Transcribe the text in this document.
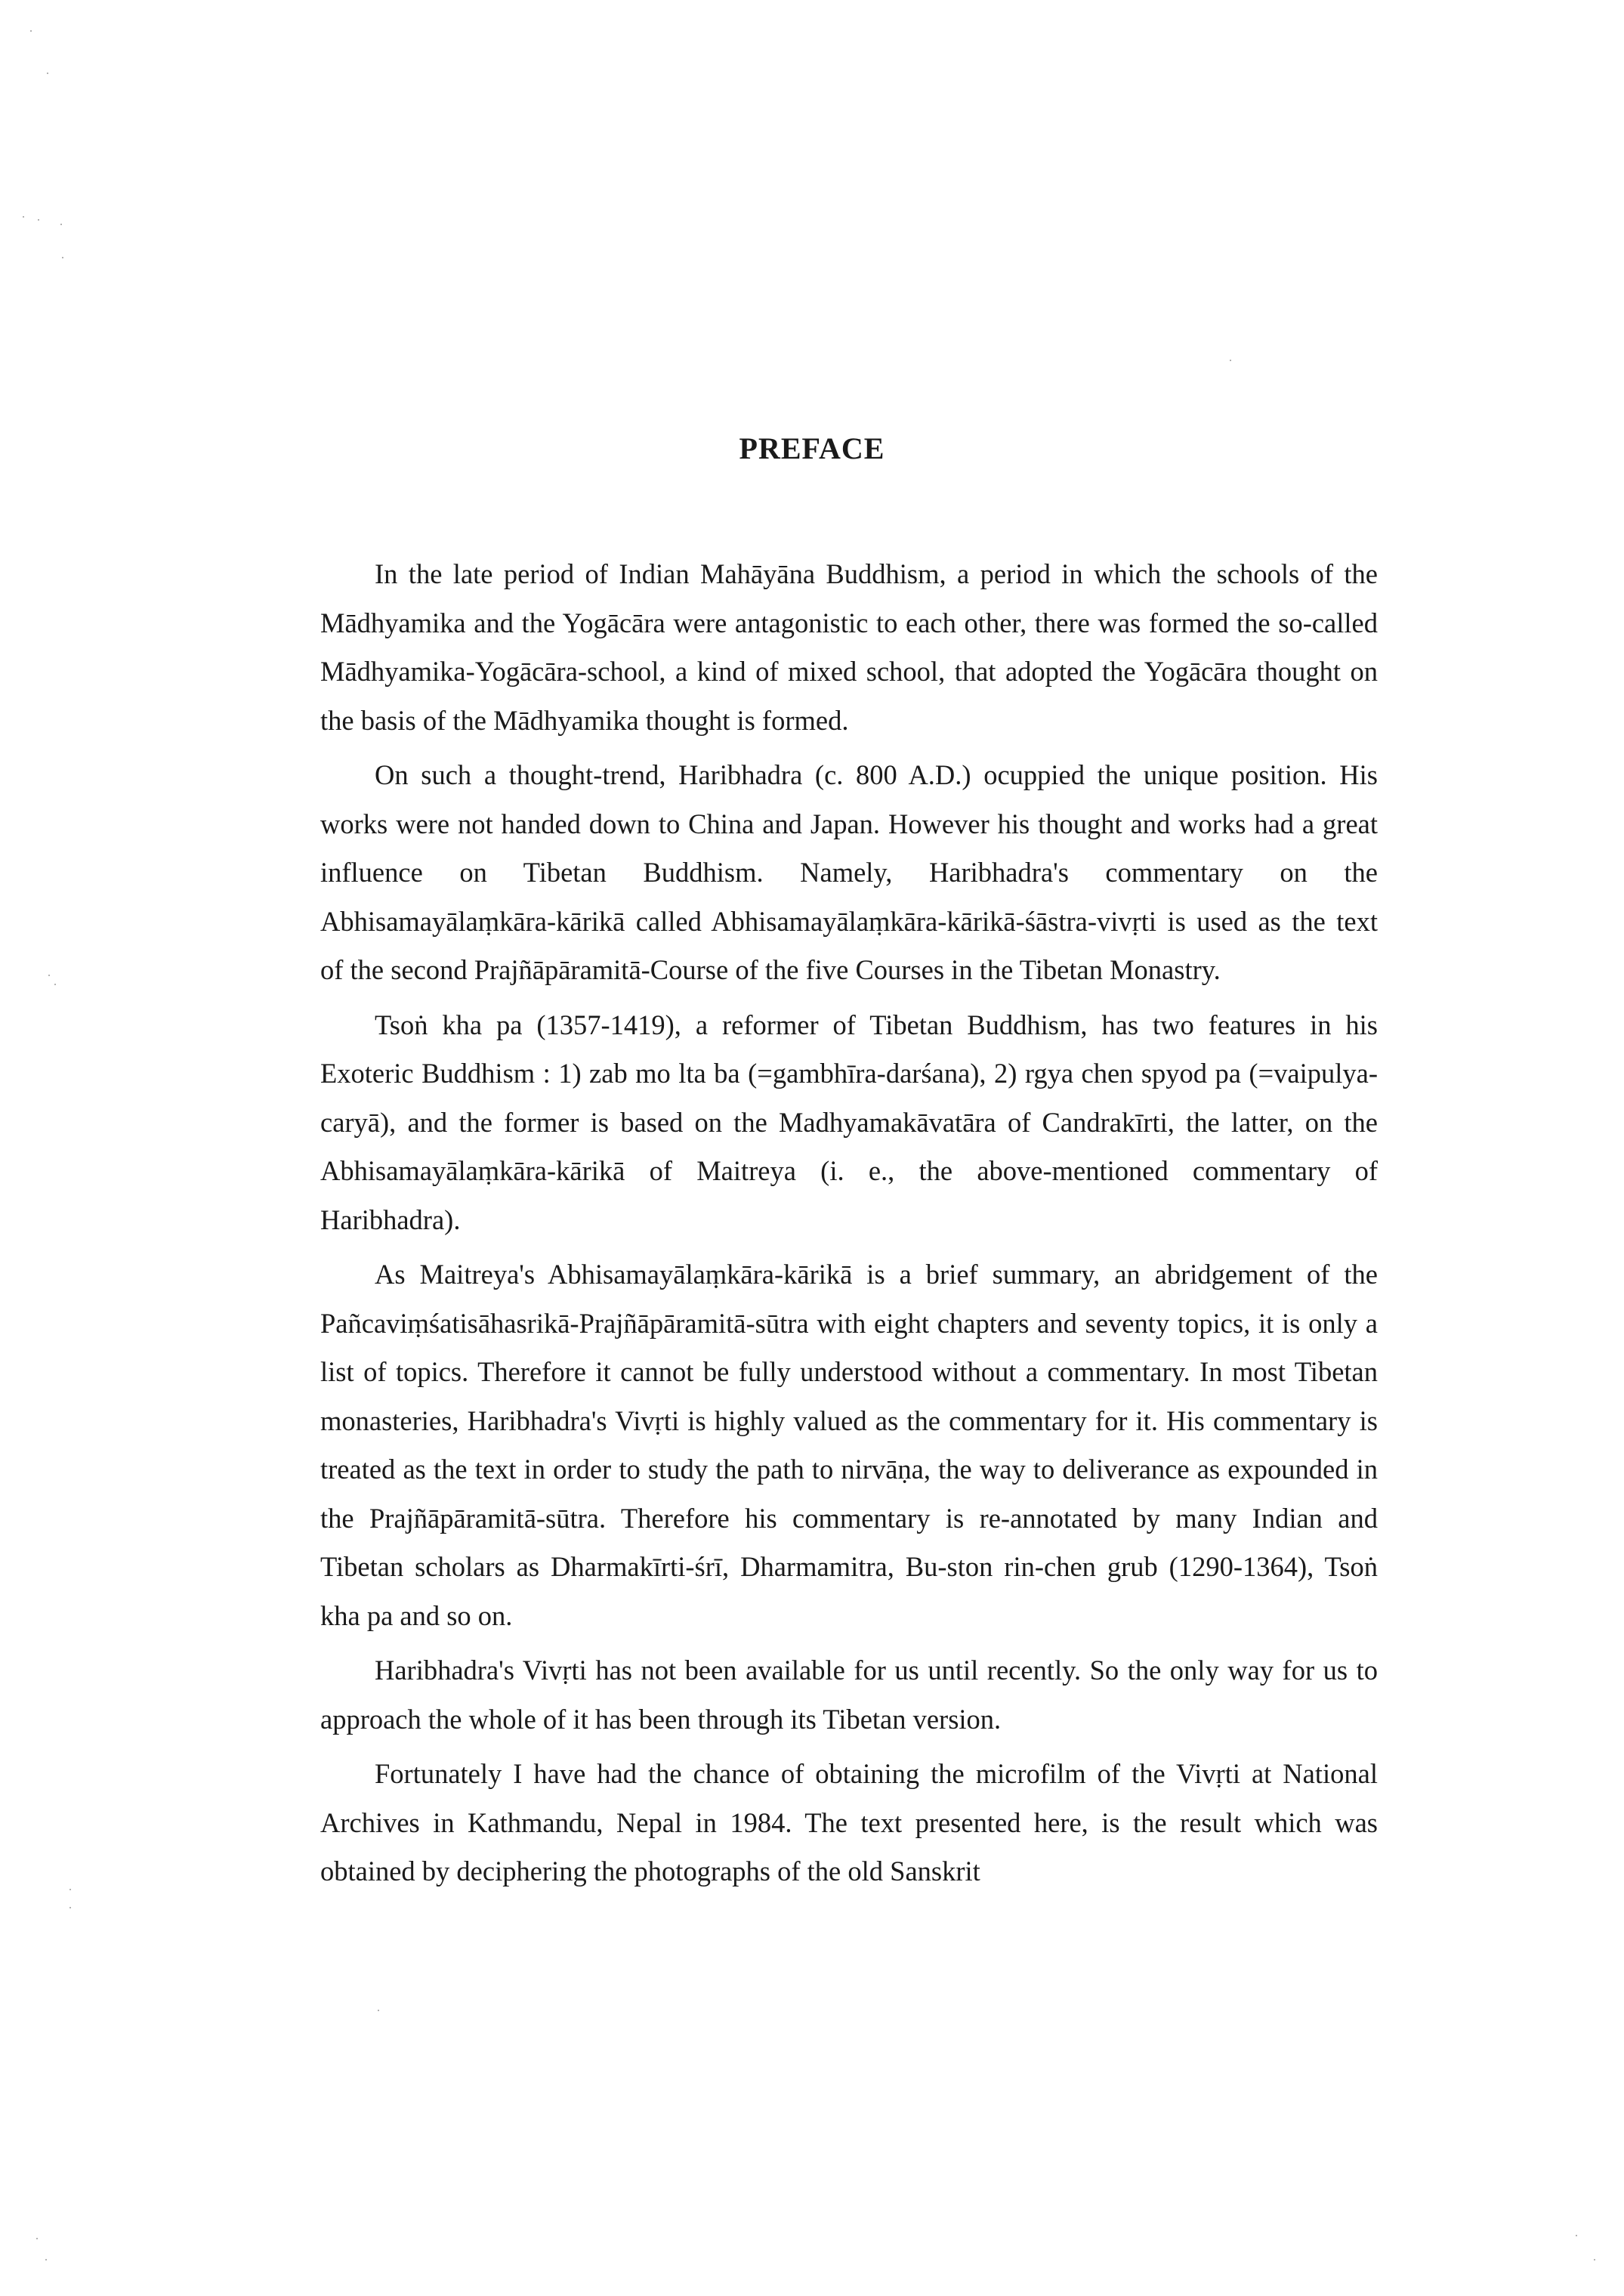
PREFACE

In the late period of Indian Mahāyāna Buddhism, a period in which the schools of the Mādhyamika and the Yogācāra were antagonistic to each other, there was formed the so-called Mādhyamika-Yogācāra-school, a kind of mixed school, that adopted the Yogācāra thought on the basis of the Mādhyamika thought is formed.

On such a thought-trend, Haribhadra (c. 800 A.D.) ocuppied the unique position. His works were not handed down to China and Japan. However his thought and works had a great influence on Tibetan Buddhism. Namely, Haribhadra's commentary on the Abhisamayālaṃkāra-kārikā called Abhisamayālaṃkāra-kārikā-śāstra-vivṛti is used as the text of the second Prajñāpāramitā-Course of the five Courses in the Tibetan Monastry.

Tsoṅ kha pa (1357-1419), a reformer of Tibetan Buddhism, has two features in his Exoteric Buddhism : 1) zab mo lta ba (=gambhīra-darśana), 2) rgya chen spyod pa (=vaipulya-caryā), and the former is based on the Madhyamakāvatāra of Candrakīrti, the latter, on the Abhisamayālaṃkāra-kārikā of Maitreya (i. e., the above-mentioned commentary of Haribhadra).

As Maitreya's Abhisamayālaṃkāra-kārikā is a brief summary, an abridgement of the Pañcaviṃśatisāhasrikā-Prajñāpāramitā-sūtra with eight chapters and seventy topics, it is only a list of topics. Therefore it cannot be fully understood without a commentary. In most Tibetan monasteries, Haribhadra's Vivṛti is highly valued as the commentary for it. His commentary is treated as the text in order to study the path to nirvāṇa, the way to deliverance as expounded in the Prajñāpāramitā-sūtra. Therefore his commentary is re-annotated by many Indian and Tibetan scholars as Dharmakīrti-śrī, Dharmamitra, Bu-ston rin-chen grub (1290-1364), Tsoṅ kha pa and so on.

Haribhadra's Vivṛti has not been available for us until recently. So the only way for us to approach the whole of it has been through its Tibetan version.

Fortunately I have had the chance of obtaining the microfilm of the Vivṛti at National Archives in Kathmandu, Nepal in 1984. The text presented here, is the result which was obtained by deciphering the photographs of the old Sanskrit
